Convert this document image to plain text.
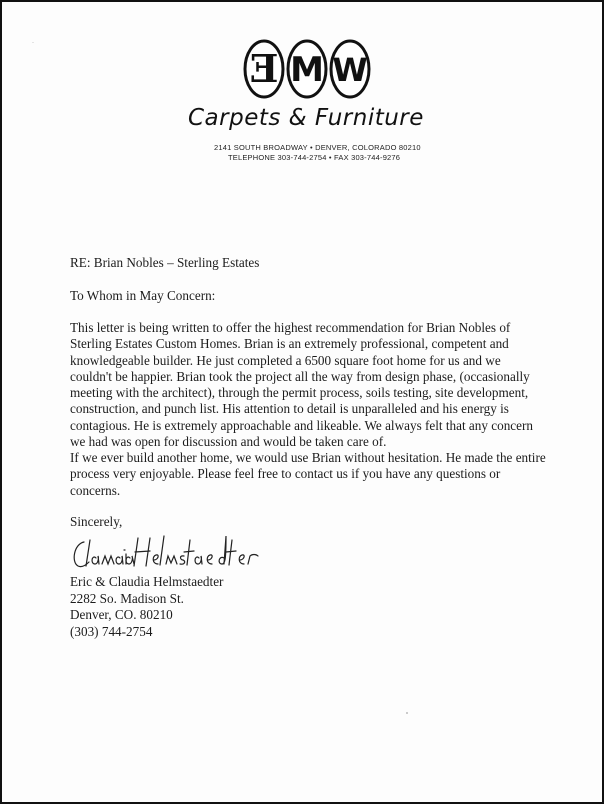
E M W
Carpets & Furniture
2141 SOUTH BROADWAY • DENVER, COLORADO 80210
TELEPHONE 303-744-2754 • FAX 303-744-9276
RE: Brian Nobles – Sterling Estates
To Whom in May Concern:
This letter is being written to offer the highest recommendation for Brian Nobles of Sterling Estates Custom Homes. Brian is an extremely professional, competent and knowledgeable builder. He just completed a 6500 square foot home for us and we couldn't be happier. Brian took the project all the way from design phase, (occasionally meeting with the architect), through the permit process, soils testing, site development, construction, and punch list. His attention to detail is unparalleled and his energy is contagious. He is extremely approachable and likeable. We always felt that any concern we had was open for discussion and would be taken care of.
If we ever build another home, we would use Brian without hesitation. He made the entire process very enjoyable. Please feel free to contact us if you have any questions or concerns.
Sincerely,
Eric & Claudia Helmstaedter
2282 So. Madison St.
Denver, CO. 80210
(303) 744-2754
